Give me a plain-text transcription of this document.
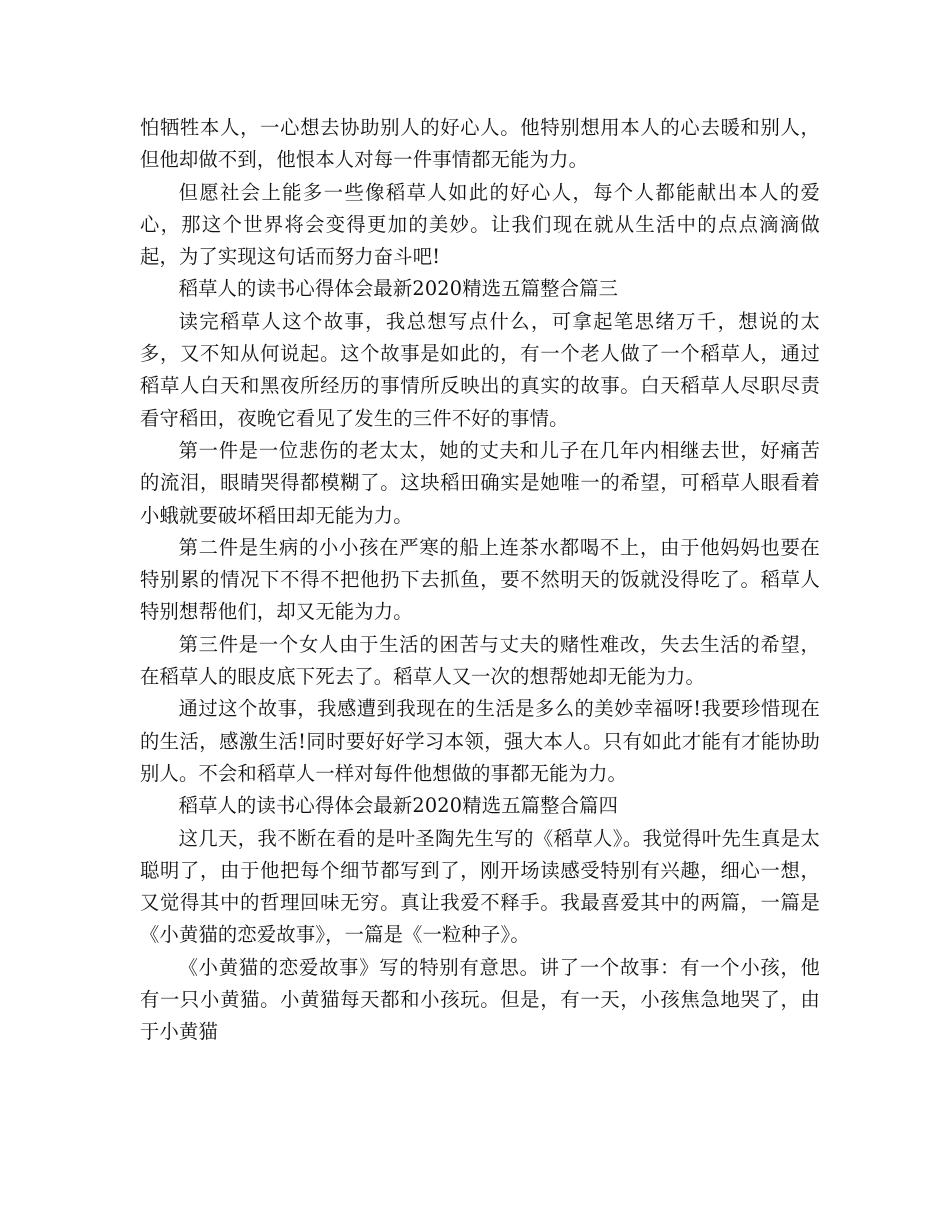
怕牺牲本人，一心想去协助别人的好心人。他特别想用本人的心去暖和别人，但他却做不到，他恨本人对每一件事情都无能为力。

但愿社会上能多一些像稻草人如此的好心人，每个人都能献出本人的爱心，那这个世界将会变得更加的美妙。让我们现在就从生活中的点点滴滴做起，为了实现这句话而努力奋斗吧!

稻草人的读书心得体会最新2020精选五篇整合篇三

读完稻草人这个故事，我总想写点什么，可拿起笔思绪万千，想说的太多，又不知从何说起。这个故事是如此的，有一个老人做了一个稻草人，通过稻草人白天和黑夜所经历的事情所反映出的真实的故事。白天稻草人尽职尽责看守稻田，夜晚它看见了发生的三件不好的事情。

第一件是一位悲伤的老太太，她的丈夫和儿子在几年内相继去世，好痛苦的流泪，眼睛哭得都模糊了。这块稻田确实是她唯一的希望，可稻草人眼看着小蛾就要破坏稻田却无能为力。

第二件是生病的小小孩在严寒的船上连茶水都喝不上，由于他妈妈也要在特别累的情况下不得不把他扔下去抓鱼，要不然明天的饭就没得吃了。稻草人特别想帮他们，却又无能为力。

第三件是一个女人由于生活的困苦与丈夫的赌性难改，失去生活的希望，在稻草人的眼皮底下死去了。稻草人又一次的想帮她却无能为力。

通过这个故事，我感遭到我现在的生活是多么的美妙幸福呀!我要珍惜现在的生活，感激生活!同时要好好学习本领，强大本人。只有如此才能有才能协助别人。不会和稻草人一样对每件他想做的事都无能为力。

稻草人的读书心得体会最新2020精选五篇整合篇四

这几天，我不断在看的是叶圣陶先生写的《稻草人》。我觉得叶先生真是太聪明了，由于他把每个细节都写到了，刚开场读感受特别有兴趣，细心一想，又觉得其中的哲理回味无穷。真让我爱不释手。我最喜爱其中的两篇，一篇是《小黄猫的恋爱故事》，一篇是《一粒种子》。

《小黄猫的恋爱故事》写的特别有意思。讲了一个故事：有一个小孩，他有一只小黄猫。小黄猫每天都和小孩玩。但是，有一天，小孩焦急地哭了，由于小黄猫
